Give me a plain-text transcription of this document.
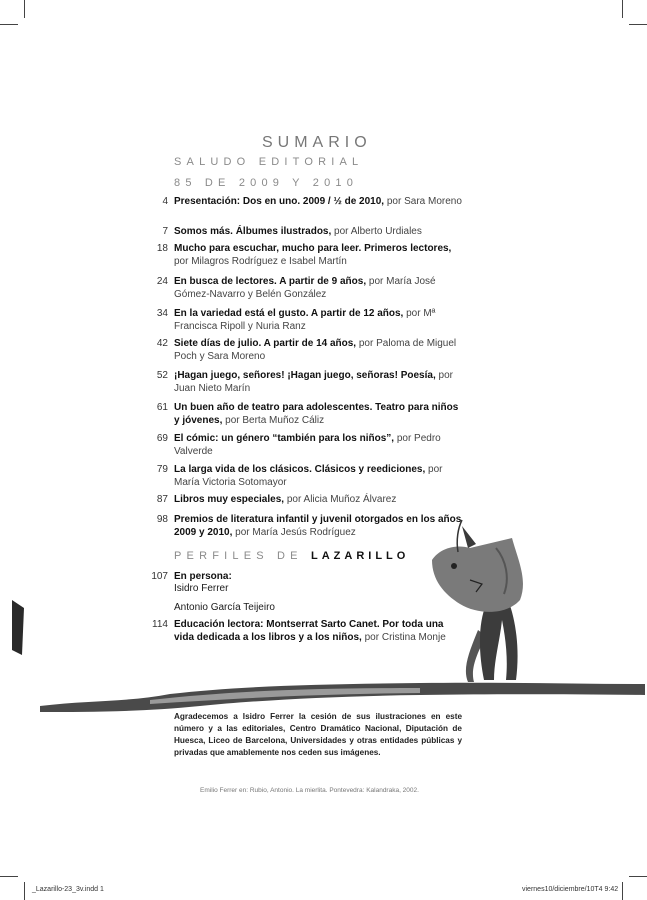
SUMARIO
SALUDO EDITORIAL
85 DE 2009 Y 2010
4 Presentación: Dos en uno. 2009 / ½ de 2010, por Sara Moreno
7 Somos más. Álbumes ilustrados, por Alberto Urdiales
18 Mucho para escuchar, mucho para leer. Primeros lectores, por Milagros Rodríguez e Isabel Martín
24 En busca de lectores. A partir de 9 años, por María José Gómez-Navarro y Belén González
34 En la variedad está el gusto. A partir de 12 años, por Mª Francisca Ripoll y Nuria Ranz
42 Siete días de julio. A partir de 14 años, por Paloma de Miguel Poch y Sara Moreno
52 ¡Hagan juego, señores! ¡Hagan juego, señoras! Poesía, por Juan Nieto Marín
61 Un buen año de teatro para adolescentes. Teatro para niños y jóvenes, por Berta Muñoz Cáliz
69 El cómic: un género “también para los niños”, por Pedro Valverde
79 La larga vida de los clásicos. Clásicos y reediciones, por María Victoria Sotomayor
87 Libros muy especiales, por Alicia Muñoz Álvarez
98 Premios de literatura infantil y juvenil otorgados en los años 2009 y 2010, por María Jesús Rodríguez
PERFILES DE LAZARILLO
107 En persona:
Isidro Ferrer
Antonio García Teijeiro
114 Educación lectora: Montserrat Sarto Canet. Por toda una vida dedicada a los libros y a los niños, por Cristina Monje
Agradecemos a Isidro Ferrer la cesión de sus ilustraciones en este número y a las editoriales, Centro Dramático Nacional, Diputación de Huesca, Liceo de Barcelona, Universidades y otras entidades públicas y privadas que amablemente nos ceden sus imágenes.
Emilio Ferrer en: Rubio, Antonio. La mierlita. Pontevedra: Kalandraka, 2002.
_Lazarillo-23_3v.indd 1	viernes10/diciembre/10T4 9:42
